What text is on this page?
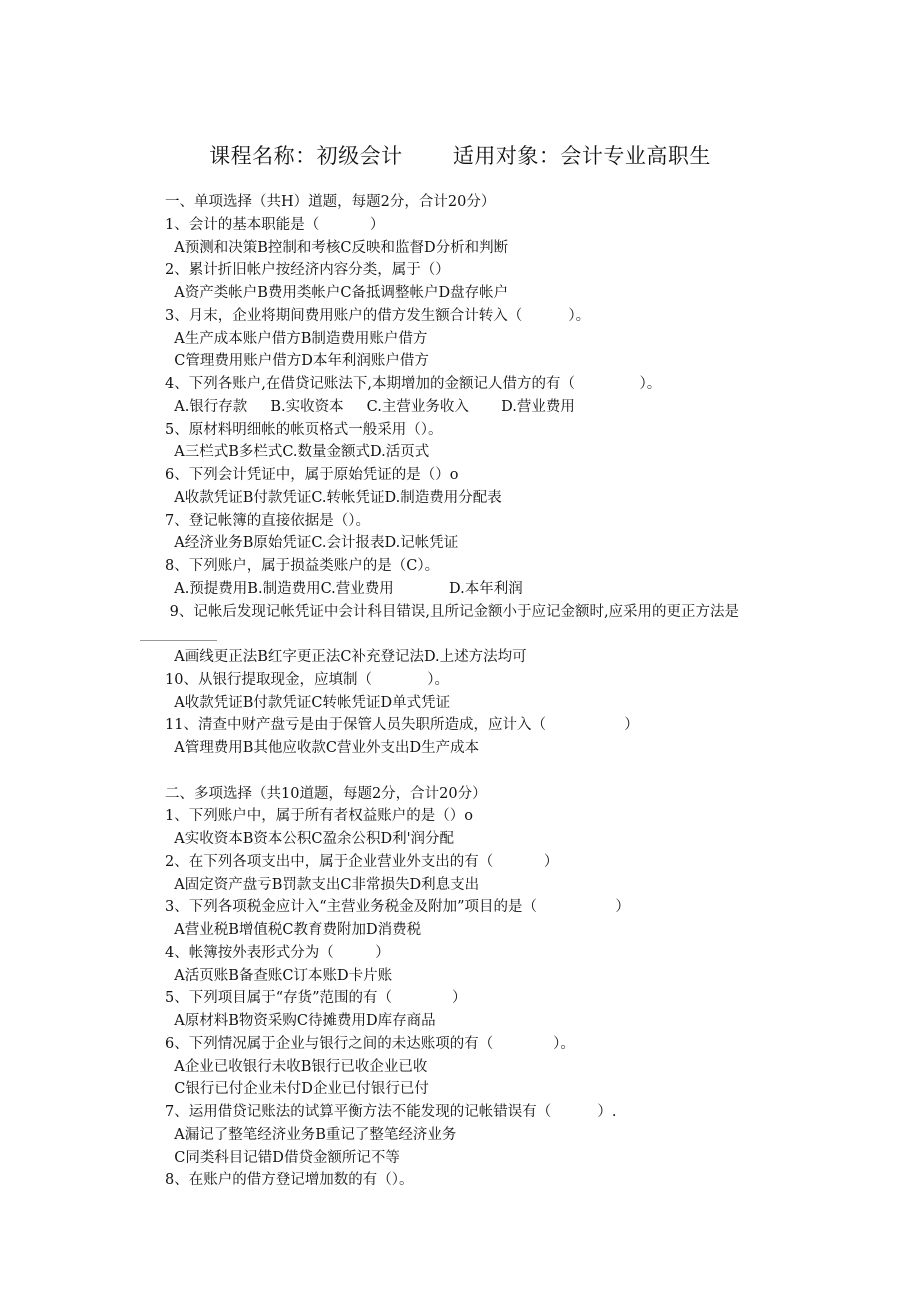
课程名称：初级会计       适用对象：会计专业高职生
一、单项选择（共H）道题，每题2分，合计20分）
1、会计的基本职能是（           ）
A预测和决策B控制和考核C反映和监督D分析和判断
2、累计折旧帐户按经济内容分类，属于（）
A资产类帐户B费用类帐户C备抵调整帐户D盘存帐户
3、月末，企业将期间费用账户的借方发生额合计转入（          ）。
A生产成本账户借方B制造费用账户借方
C管理费用账户借方D本年利润账户借方
4、下列各账户,在借贷记账法下,本期增加的金额记人借方的有（              ）。
A.银行存款     B.实收资本     C.主营业务收入       D.营业费用
5、原材料明细帐的帐页格式一般采用（）。
A三栏式B多栏式C.数量金额式D.活页式
6、下列会计凭证中，属于原始凭证的是（）o
A收款凭证B付款凭证C.转帐凭证D.制造费用分配表
7、登记帐簿的直接依据是（）。
A经济业务B原始凭证C.会计报表D.记帐凭证
8、下列账户，属于损益类账户的是（C）。
A.预提费用B.制造费用C.营业费用            D.本年利润
9、记帐后发现记帐凭证中会计科目错误,且所记金额小于应记金额时,应采用的更正方法是
A画线更正法B红字更正法C补充登记法D.上述方法均可
10、从银行提取现金，应填制（            ）。
A收款凭证B付款凭证C转帐凭证D单式凭证
11、清查中财产盘亏是由于保管人员失职所造成，应计入（                 ）
A管理费用B其他应收款C营业外支出D生产成本
二、多项选择（共10道题，每题2分，合计20分）
1、下列账户中，属于所有者权益账户的是（）o
A实收资本B资本公积C盈余公积D利'润分配
2、在下列各项支出中，属于企业营业外支出的有（           ）
A固定资产盘亏B罚款支出C非常损失D利息支出
3、下列各项税金应计入“主营业务税金及附加”项目的是（                 ）
A营业税B增值税C教育费附加D消费税
4、帐簿按外表形式分为（         ）
A活页账B备查账C订本账D卡片账
5、下列项目属于“存货”范围的有（             ）
A原材料B物资采购C待摊费用D库存商品
6、下列情况属于企业与银行之间的未达账项的有（             ）。
A企业已收银行未收B银行已收企业已收
C银行已付企业未付D企业已付银行已付
7、运用借贷记账法的试算平衡方法不能发现的记帐错误有（          ）.
A漏记了整笔经济业务B重记了整笔经济业务
C同类科目记错D借贷金额所记不等
8、在账户的借方登记增加数的有（）。
